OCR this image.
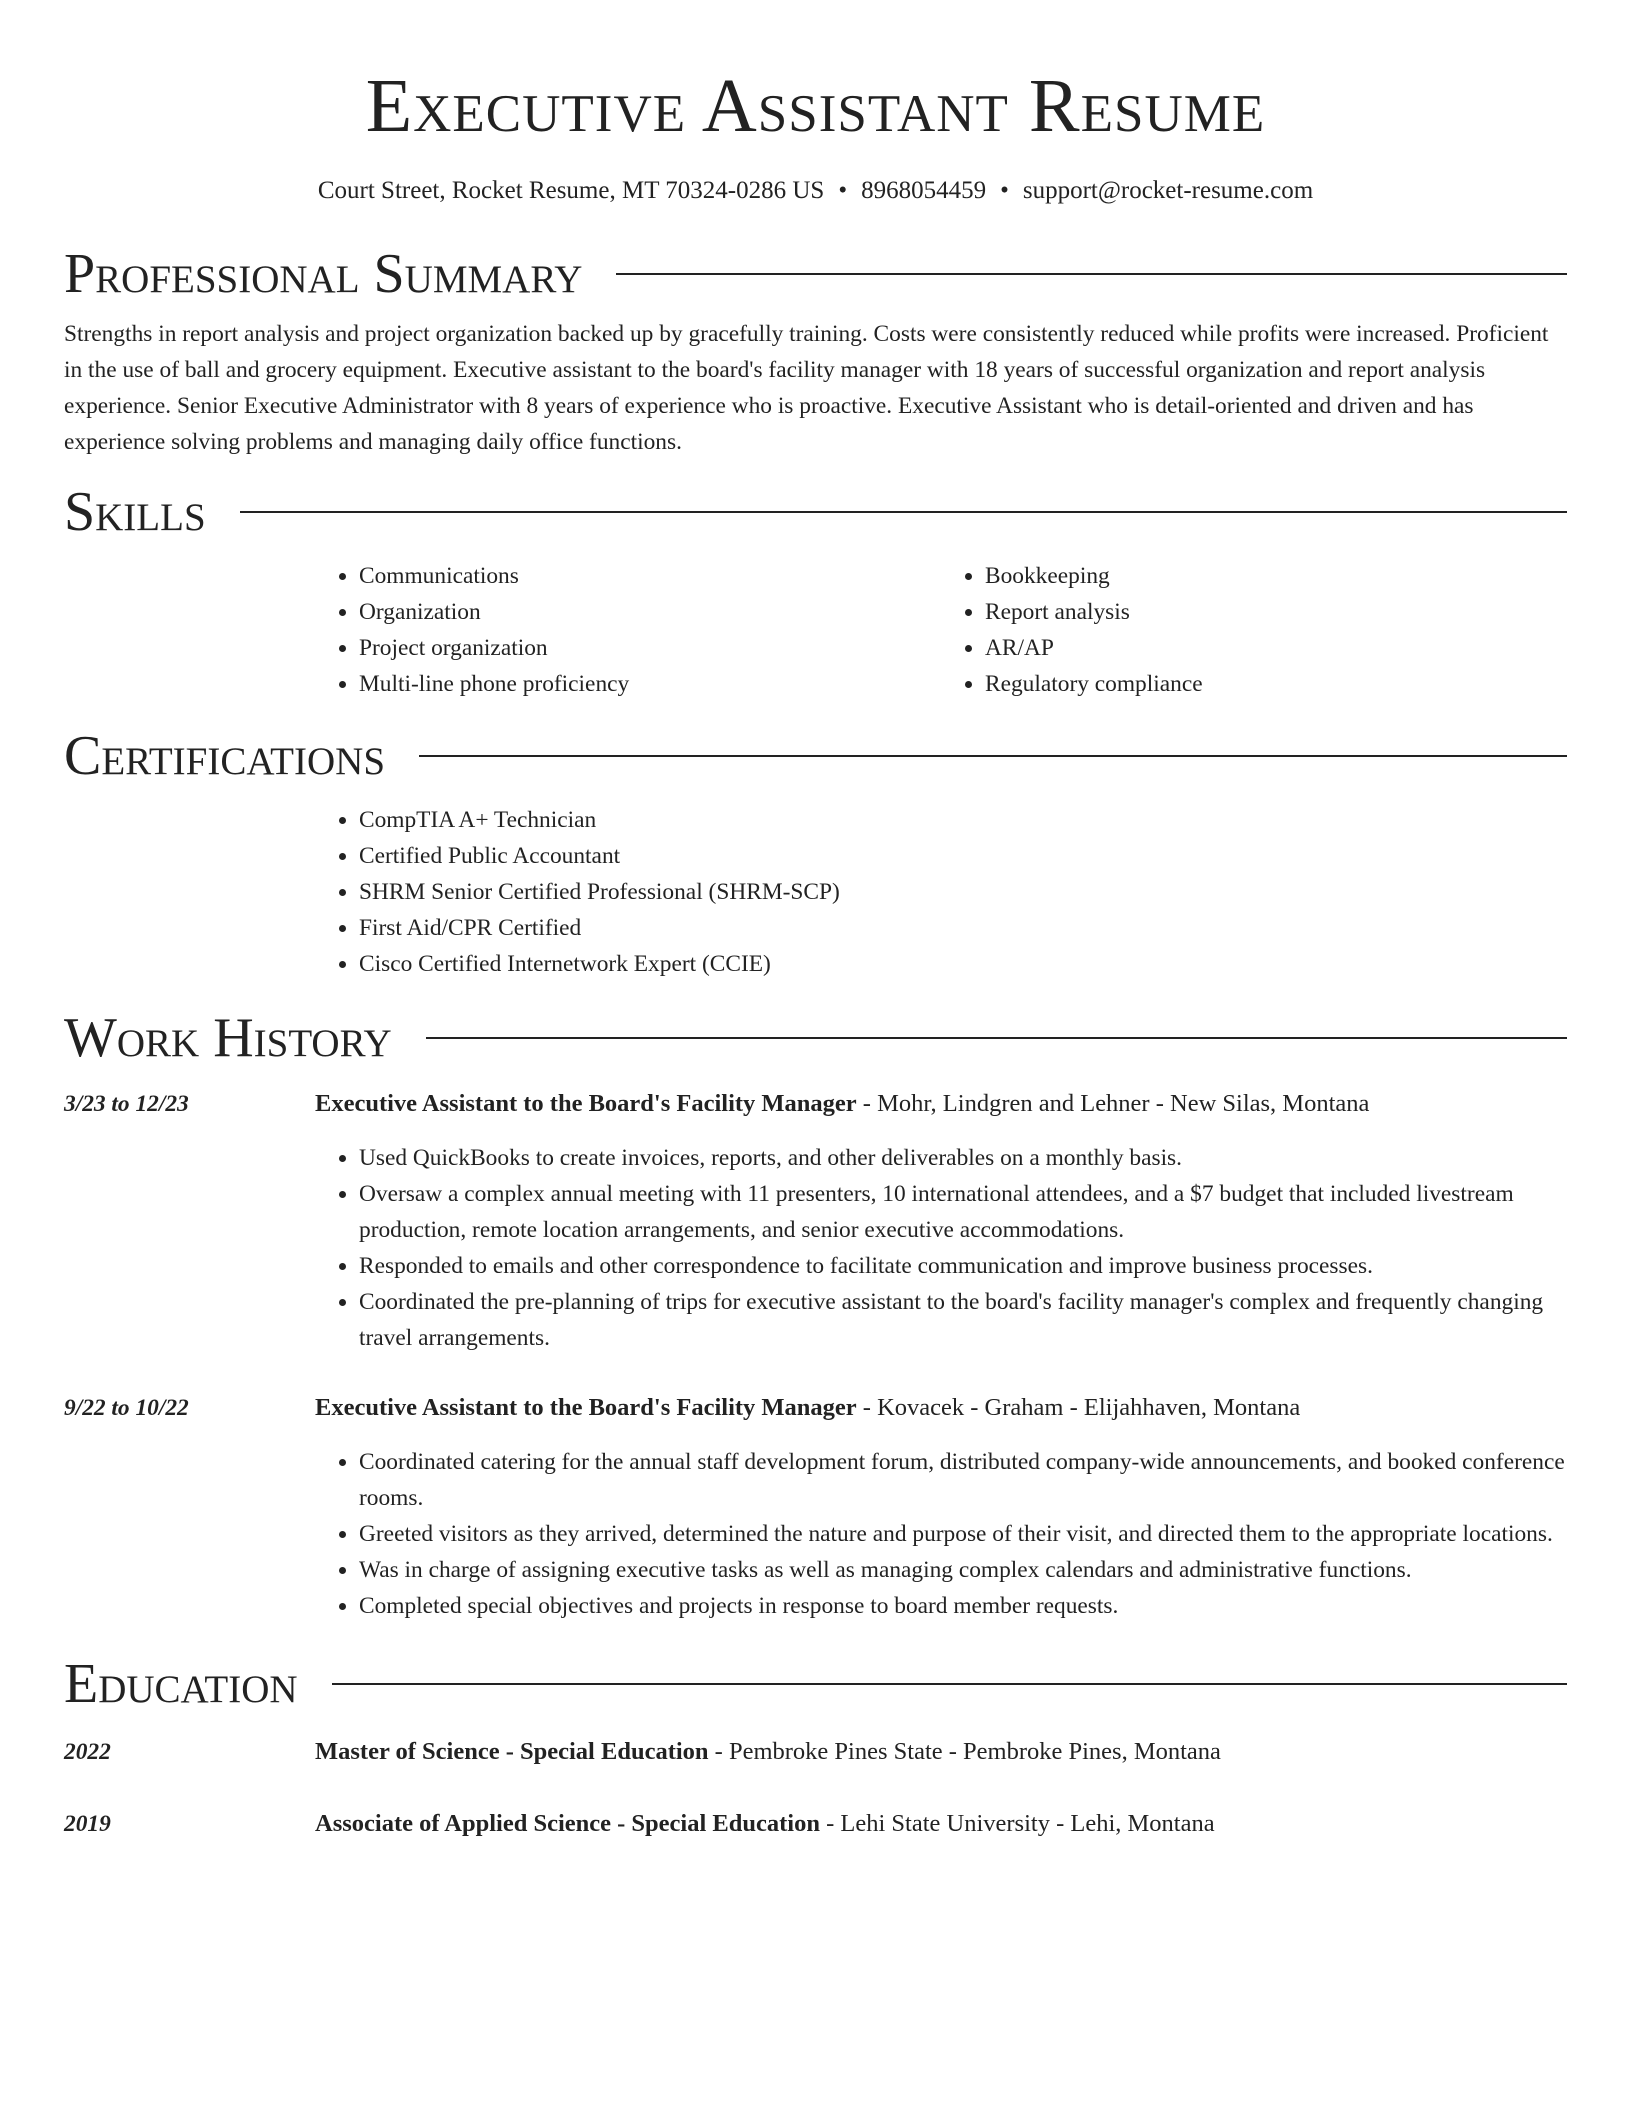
Executive Assistant Resume
Court Street, Rocket Resume, MT 70324-0286 US • 8968054459 • support@rocket-resume.com
Professional Summary

Strengths in report analysis and project organization backed up by gracefully training. Costs were consistently reduced while profits were increased. Proficient in the use of ball and grocery equipment. Executive assistant to the board's facility manager with 18 years of successful organization and report analysis experience. Senior Executive Administrator with 8 years of experience who is proactive. Executive Assistant who is detail-oriented and driven and has experience solving problems and managing daily office functions.

Skills
• Communications
• Organization
• Project organization
• Multi-line phone proficiency
• Bookkeeping
• Report analysis
• AR/AP
• Regulatory compliance
Certifications
• CompTIA A+ Technician
• Certified Public Accountant
• SHRM Senior Certified Professional (SHRM-SCP)
• First Aid/CPR Certified
• Cisco Certified Internetwork Expert (CCIE)
Work History
3/23 to 12/23	Executive Assistant to the Board's Facility Manager - Mohr, Lindgren and Lehner - New Silas, Montana

• Used QuickBooks to create invoices, reports, and other deliverables on a monthly basis.
• Oversaw a complex annual meeting with 11 presenters, 10 international attendees, and a $7 budget that included livestream production, remote location arrangements, and senior executive accommodations.
• Responded to emails and other correspondence to facilitate communication and improve business processes.
• Coordinated the pre-planning of trips for executive assistant to the board's facility manager's complex and frequently changing travel arrangements.
9/22 to 10/22	Executive Assistant to the Board's Facility Manager - Kovacek - Graham - Elijahhaven, Montana

• Coordinated catering for the annual staff development forum, distributed company-wide announcements, and booked conference rooms.
• Greeted visitors as they arrived, determined the nature and purpose of their visit, and directed them to the appropriate locations.
• Was in charge of assigning executive tasks as well as managing complex calendars and administrative functions.
• Completed special objectives and projects in response to board member requests.
Education
2022	Master of Science - Special Education - Pembroke Pines State - Pembroke Pines, Montana

2019	Associate of Applied Science - Special Education - Lehi State University - Lehi, Montana
